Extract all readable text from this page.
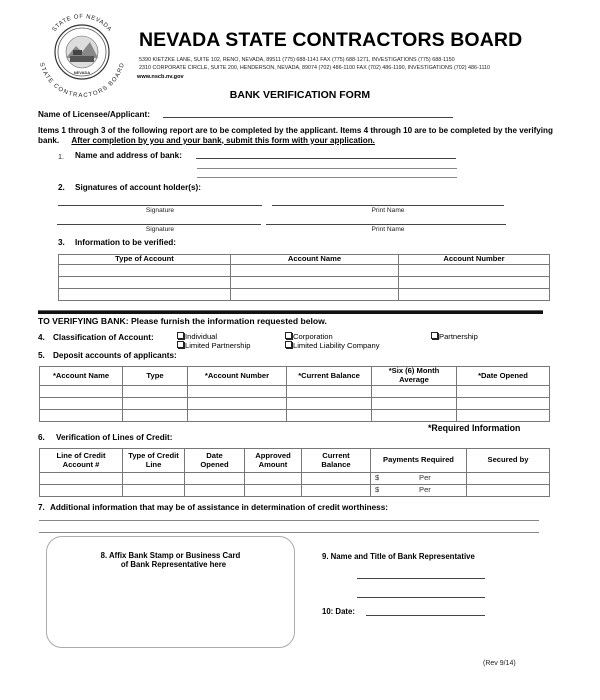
NEVADA
STATE OF NEVADA
STATE CONTRACTORS BOARD
NEVADA STATE CONTRACTORS BOARD
5390 KIETZKE LANE, SUITE 102, RENO, NEVADA, 89511 (775) 688-1141 FAX (775) 688-1271, INVESTIGATIONS (775) 688-1150
2310 CORPORATE CIRCLE, SUITE 200, HENDERSON, NEVADA, 89074 (702) 486-1100 FAX (702) 486-1190, INVESTIGATIONS (702) 486-1110
www.nscb.nv.gov
BANK VERIFICATION FORM
Name of Licensee/Applicant:
Items 1 through 3 of the following report are to be completed by the applicant. Items 4 through 10 are to be completed by the verifying bank. After completion by you and your bank, submit this form with your application.
1. Name and address of bank:
2. Signatures of account holder(s):
Signature	Print Name
Signature	Print Name
3. Information to be verified:
Type of Account	Account Name	Account Number

TO VERIFYING BANK: Please furnish the information requested below.
4. Classification of Account:	Individual	Corporation	Partnership
Limited Partnership	Limited Liability Company
5. Deposit accounts of applicants:
*Account Name	Type	*Account Number	*Current Balance	*Six (6) Month Average	*Date Opened

*Required Information
6. Verification of Lines of Credit:
Line of Credit Account #	Type of Credit Line	Date Opened	Approved Amount	Current Balance	Payments Required	Secured by

					$ Per	

					$ Per	

7. Additional information that may be of assistance in determination of credit worthiness:
8. Affix Bank Stamp or Business Card
of Bank Representative here
9. Name and Title of Bank Representative
10: Date:
(Rev 9/14)
